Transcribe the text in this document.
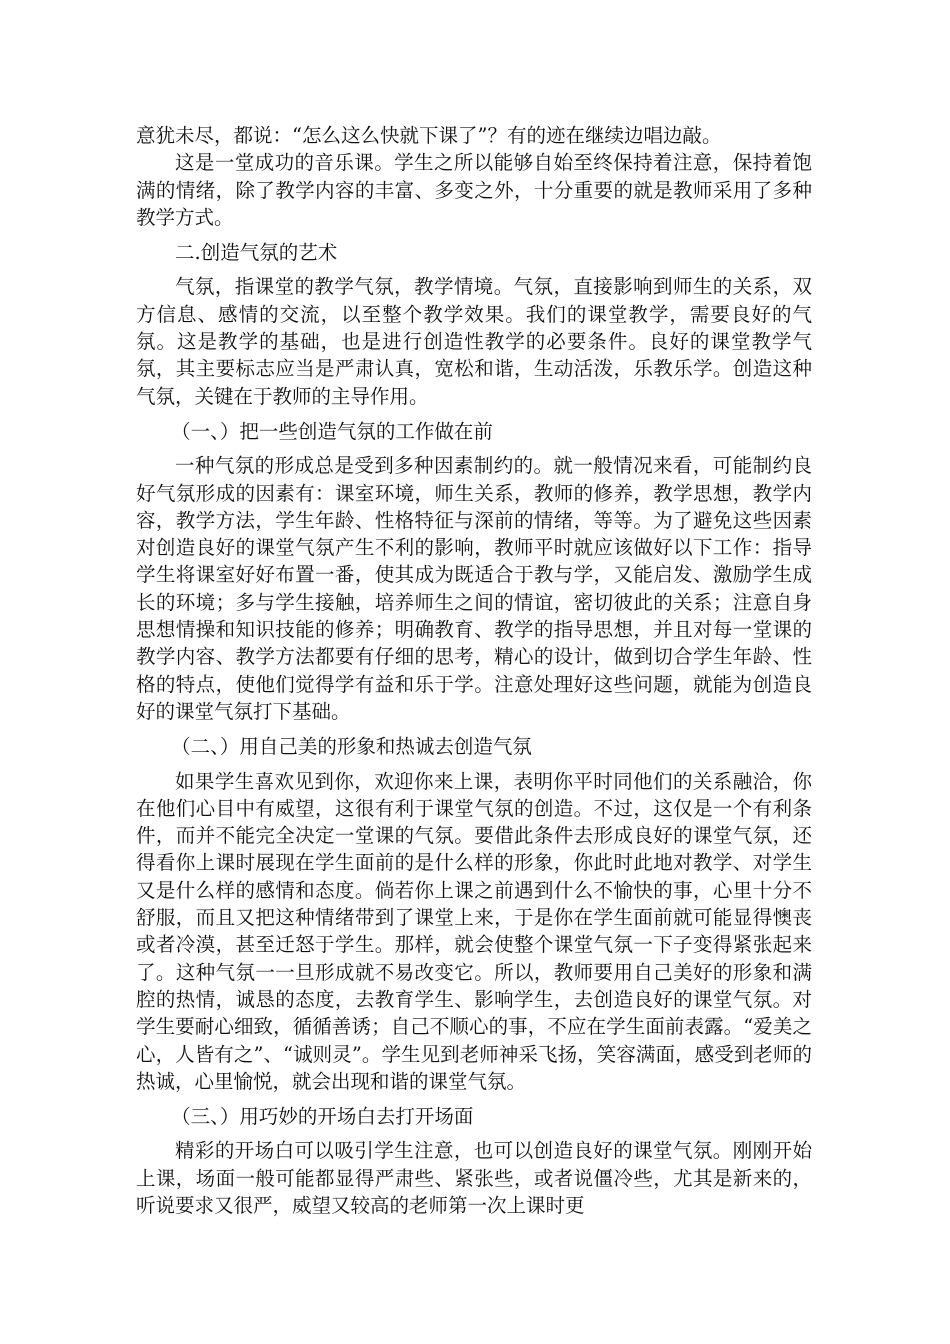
意犹未尽，都说：“怎么这么快就下课了”？有的迹在继续边唱边敲。

这是一堂成功的音乐课。学生之所以能够自始至终保持着注意，保持着饱满的情绪，除了教学内容的丰富、多变之外，十分重要的就是教师采用了多种教学方式。

二.创造气氛的艺术

气氛，指课堂的教学气氛，教学情境。气氛，直接影响到师生的关系，双方信息、感情的交流，以至整个教学效果。我们的课堂教学，需要良好的气氛。这是教学的基础，也是进行创造性教学的必要条件。良好的课堂教学气氛，其主要标志应当是严肃认真，宽松和谐，生动活泼，乐教乐学。创造这种气氛，关键在于教师的主导作用。

（一、）把一些创造气氛的工作做在前

一种气氛的形成总是受到多种因素制约的。就一般情况来看，可能制约良好气氛形成的因素有：课室环境，师生关系，教师的修养，教学思想，教学内容，教学方法，学生年龄、性格特征与深前的情绪，等等。为了避免这些因素对创造良好的课堂气氛产生不利的影响，教师平时就应该做好以下工作：指导学生将课室好好布置一番，使其成为既适合于教与学，又能启发、激励学生成长的环境；多与学生接触，培养师生之间的情谊，密切彼此的关系；注意自身思想情操和知识技能的修养；明确教育、教学的指导思想，并且对每一堂课的教学内容、教学方法都要有仔细的思考，精心的设计，做到切合学生年龄、性格的特点，使他们觉得学有益和乐于学。注意处理好这些问题，就能为创造良好的课堂气氛打下基础。

（二、）用自己美的形象和热诚去创造气氛

如果学生喜欢见到你，欢迎你来上课，表明你平时同他们的关系融洽，你在他们心目中有威望，这很有利于课堂气氛的创造。不过，这仅是一个有利条件，而并不能完全决定一堂课的气氛。要借此条件去形成良好的课堂气氛，还得看你上课时展现在学生面前的是什么样的形象，你此时此地对教学、对学生又是什么样的感情和态度。倘若你上课之前遇到什么不愉快的事，心里十分不舒服，而且又把这种情绪带到了课堂上来，于是你在学生面前就可能显得懊丧或者冷漠，甚至迁怒于学生。那样，就会使整个课堂气氛一下子变得紧张起来了。这种气氛一一旦形成就不易改变它。所以，教师要用自己美好的形象和满腔的热情，诚恳的态度，去教育学生、影响学生，去创造良好的课堂气氛。对学生要耐心细致，循循善诱；自己不顺心的事，不应在学生面前表露。“爱美之心，人皆有之”、“诚则灵”。学生见到老师神采飞扬，笑容满面，感受到老师的热诚，心里愉悦，就会出现和谐的课堂气氛。

（三、）用巧妙的开场白去打开场面

精彩的开场白可以吸引学生注意，也可以创造良好的课堂气氛。刚刚开始上课，场面一般可能都显得严肃些、紧张些，或者说僵冷些，尤其是新来的，听说要求又很严，威望又较高的老师第一次上课时更
